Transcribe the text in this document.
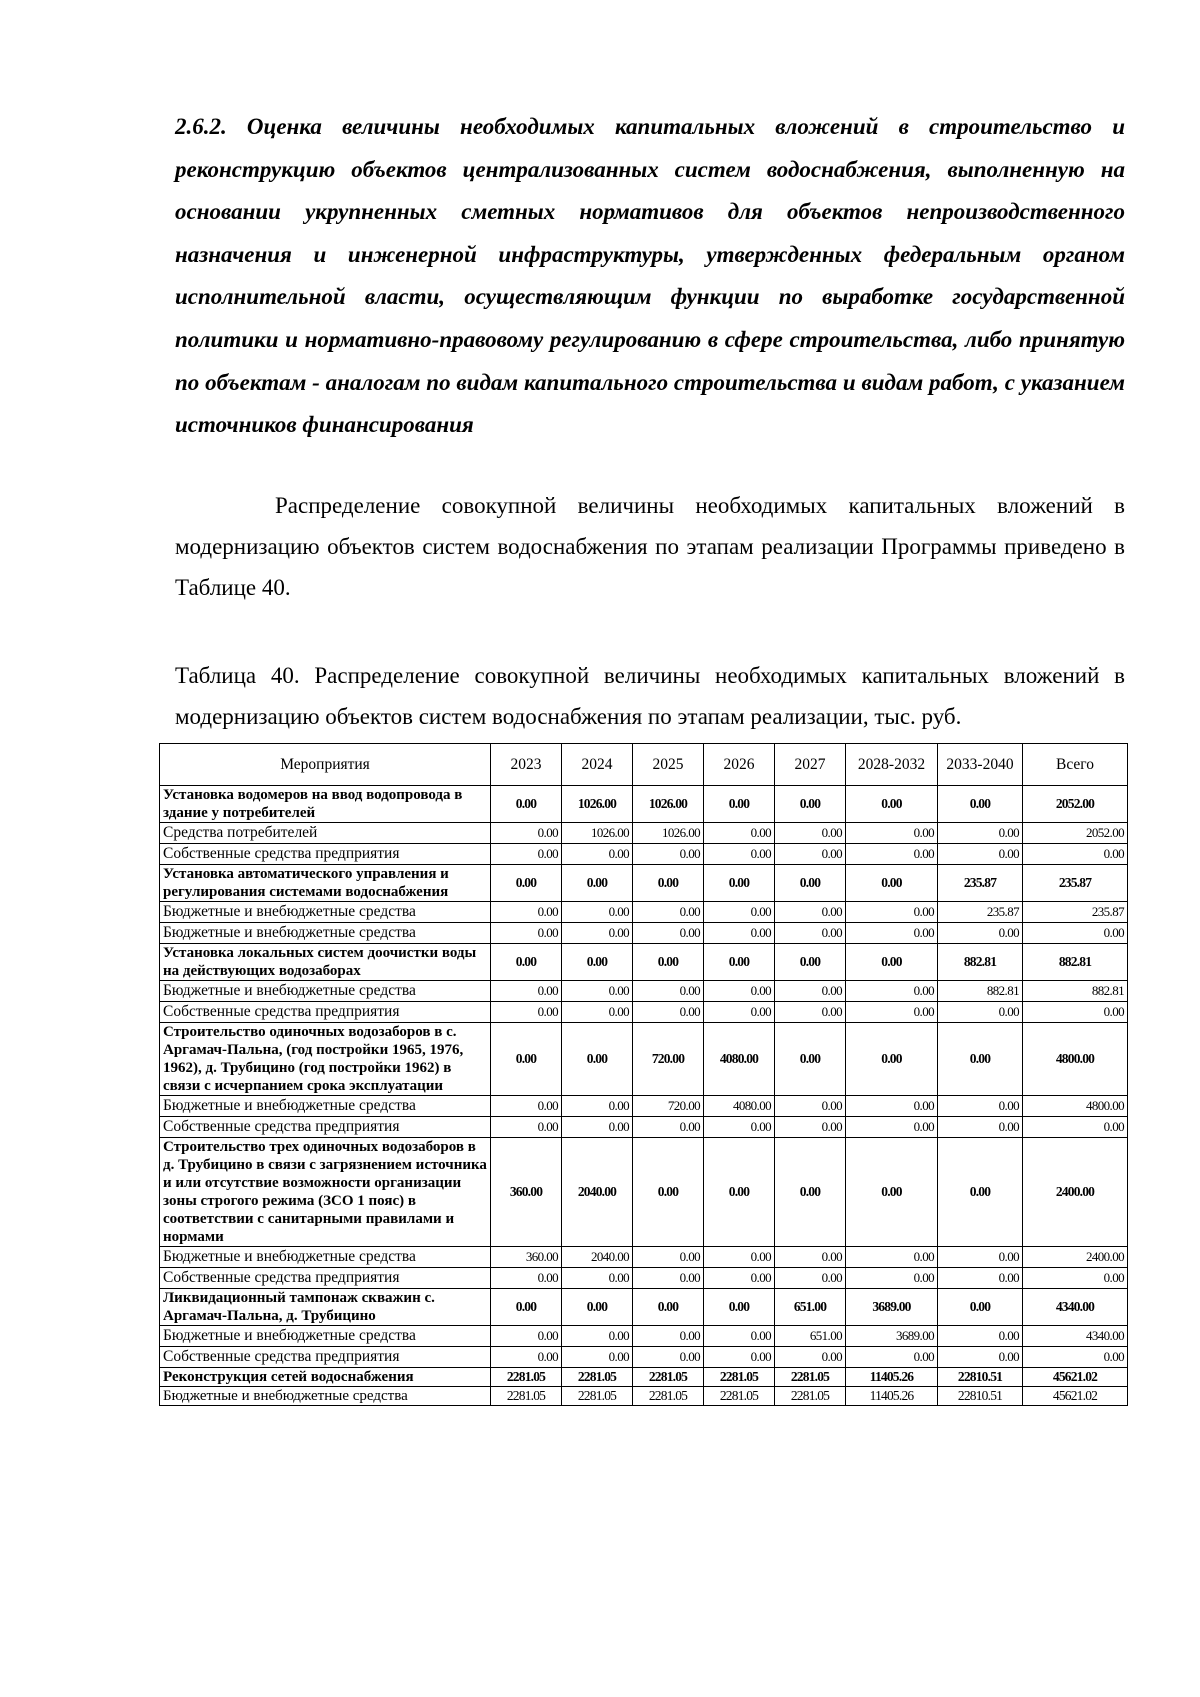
2.6.2. Оценка величины необходимых капитальных вложений в строительство и реконструкцию объектов централизованных систем водоснабжения, выполненную на основании укрупненных сметных нормативов для объектов непроизводственного назначения и инженерной инфраструктуры, утвержденных федеральным органом исполнительной власти, осуществляющим функции по выработке государственной политики и нормативно-правовому регулированию в сфере строительства, либо принятую по объектам - аналогам по видам капитального строительства и видам работ, с указанием источников финансирования

Распределение совокупной величины необходимых капитальных вложений в модернизацию объектов систем водоснабжения по этапам реализации Программы приведено в Таблице 40.

Таблица 40. Распределение совокупной величины необходимых капитальных вложений в модернизацию объектов систем водоснабжения по этапам реализации, тыс. руб.

Мероприятия	2023	2024	2025	2026	2027	2028-2032	2033-2040	Всего
Установка водомеров на ввод водопровода в здание у потребителей	0.00	1026.00	1026.00	0.00	0.00	0.00	0.00	2052.00
Средства потребителей	0.00	1026.00	1026.00	0.00	0.00	0.00	0.00	2052.00
Собственные средства предприятия	0.00	0.00	0.00	0.00	0.00	0.00	0.00	0.00
Установка автоматического управления и регулирования системами водоснабжения	0.00	0.00	0.00	0.00	0.00	0.00	235.87	235.87
Бюджетные и внебюджетные средства	0.00	0.00	0.00	0.00	0.00	0.00	235.87	235.87
Бюджетные и внебюджетные средства	0.00	0.00	0.00	0.00	0.00	0.00	0.00	0.00
Установка локальных систем доочистки воды на действующих водозаборах	0.00	0.00	0.00	0.00	0.00	0.00	882.81	882.81
Бюджетные и внебюджетные средства	0.00	0.00	0.00	0.00	0.00	0.00	882.81	882.81
Собственные средства предприятия	0.00	0.00	0.00	0.00	0.00	0.00	0.00	0.00
Строительство одиночных водозаборов в с. Аргамач-Пальна, (год постройки 1965, 1976, 1962), д. Трубицино (год постройки 1962) в связи с исчерпанием срока эксплуатации	0.00	0.00	720.00	4080.00	0.00	0.00	0.00	4800.00
Бюджетные и внебюджетные средства	0.00	0.00	720.00	4080.00	0.00	0.00	0.00	4800.00
Собственные средства предприятия	0.00	0.00	0.00	0.00	0.00	0.00	0.00	0.00
Строительство трех одиночных водозаборов в д. Трубицино в связи с загрязнением источника и или отсутствие возможности организации зоны строгого режима (ЗСО 1 пояс) в соответствии с санитарными правилами и нормами	360.00	2040.00	0.00	0.00	0.00	0.00	0.00	2400.00
Бюджетные и внебюджетные средства	360.00	2040.00	0.00	0.00	0.00	0.00	0.00	2400.00
Собственные средства предприятия	0.00	0.00	0.00	0.00	0.00	0.00	0.00	0.00
Ликвидационный тампонаж скважин с. Аргамач-Пальна, д. Трубицино	0.00	0.00	0.00	0.00	651.00	3689.00	0.00	4340.00
Бюджетные и внебюджетные средства	0.00	0.00	0.00	0.00	651.00	3689.00	0.00	4340.00
Собственные средства предприятия	0.00	0.00	0.00	0.00	0.00	0.00	0.00	0.00
Реконструкция сетей водоснабжения	2281.05	2281.05	2281.05	2281.05	2281.05	11405.26	22810.51	45621.02
Бюджетные и внебюджетные средства	2281.05	2281.05	2281.05	2281.05	2281.05	11405.26	22810.51	45621.02
